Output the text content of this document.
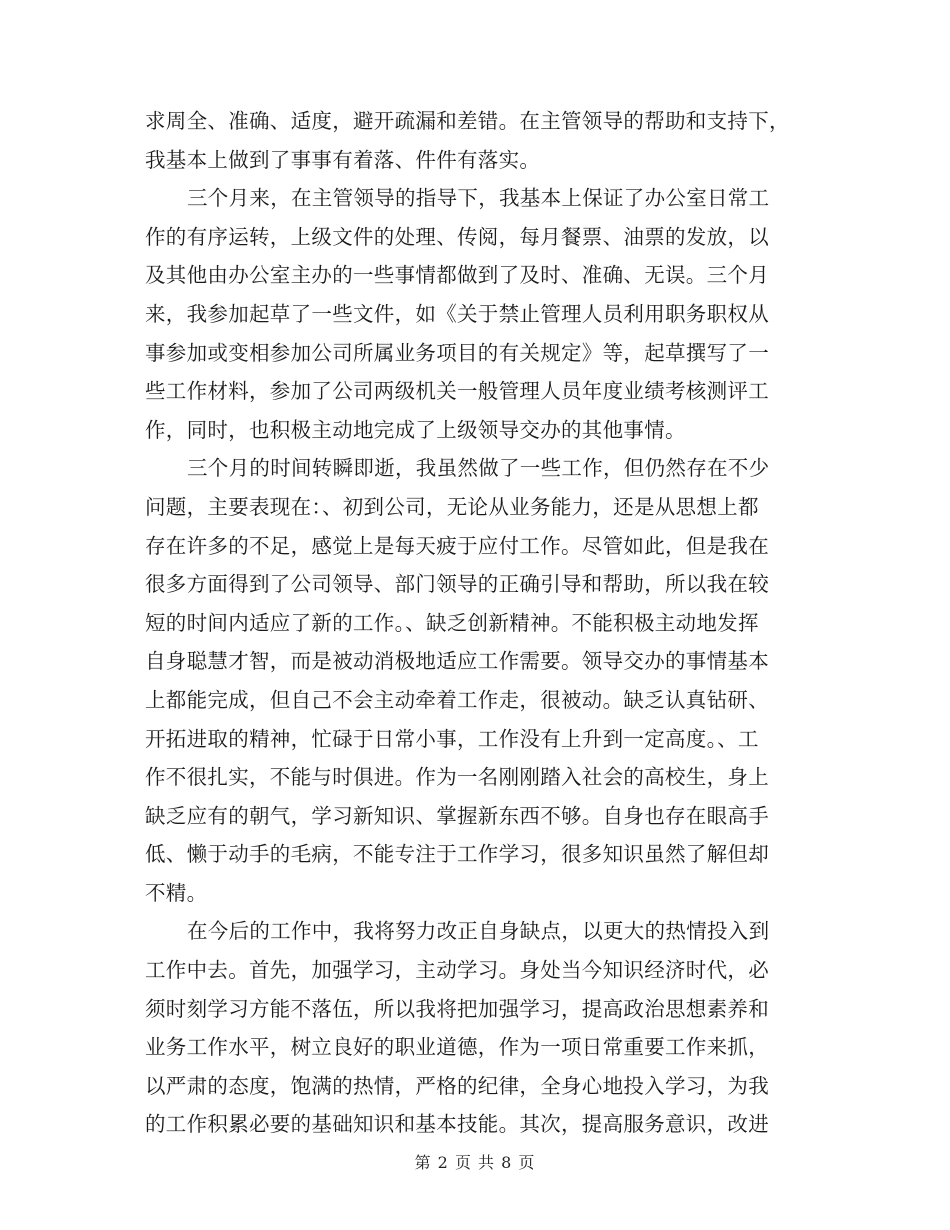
求周全、准确、适度，避开疏漏和差错。在主管领导的帮助和支持下，
我基本上做到了事事有着落、件件有落实。
三个月来，在主管领导的指导下，我基本上保证了办公室日常工
作的有序运转，上级文件的处理、传阅，每月餐票、油票的发放，以
及其他由办公室主办的一些事情都做到了及时、准确、无误。三个月
来，我参加起草了一些文件，如《关于禁止管理人员利用职务职权从
事参加或变相参加公司所属业务项目的有关规定》等，起草撰写了一
些工作材料，参加了公司两级机关一般管理人员年度业绩考核测评工
作，同时，也积极主动地完成了上级领导交办的其他事情。
三个月的时间转瞬即逝，我虽然做了一些工作，但仍然存在不少
问题，主要表现在：、初到公司，无论从业务能力，还是从思想上都
存在许多的不足，感觉上是每天疲于应付工作。尽管如此，但是我在
很多方面得到了公司领导、部门领导的正确引导和帮助，所以我在较
短的时间内适应了新的工作。、缺乏创新精神。不能积极主动地发挥
自身聪慧才智，而是被动消极地适应工作需要。领导交办的事情基本
上都能完成，但自己不会主动牵着工作走，很被动。缺乏认真钻研、
开拓进取的精神，忙碌于日常小事，工作没有上升到一定高度。、工
作不很扎实，不能与时俱进。作为一名刚刚踏入社会的高校生，身上
缺乏应有的朝气，学习新知识、掌握新东西不够。自身也存在眼高手
低、懒于动手的毛病，不能专注于工作学习，很多知识虽然了解但却
不精。
在今后的工作中，我将努力改正自身缺点，以更大的热情投入到
工作中去。首先，加强学习，主动学习。身处当今知识经济时代，必
须时刻学习方能不落伍，所以我将把加强学习，提高政治思想素养和
业务工作水平，树立良好的职业道德，作为一项日常重要工作来抓，
以严肃的态度，饱满的热情，严格的纪律，全身心地投入学习，为我
的工作积累必要的基础知识和基本技能。其次，提高服务意识，改进
第 2 页 共 8 页
